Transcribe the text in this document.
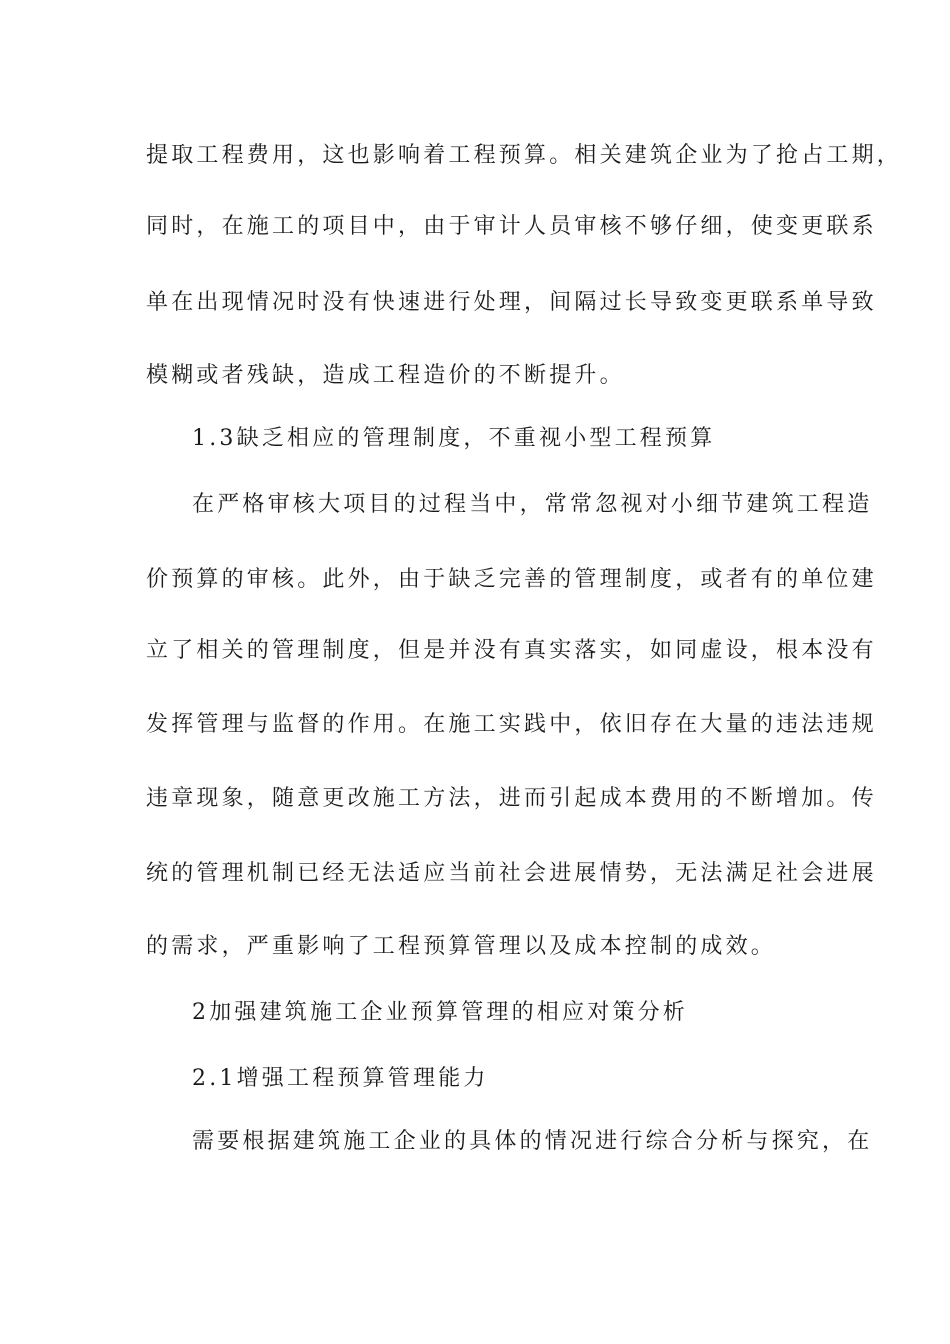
提取工程费用，这也影响着工程预算。相关建筑企业为了抢占工期，
同时，在施工的项目中，由于审计人员审核不够仔细，使变更联系
单在出现情况时没有快速进行处理，间隔过长导致变更联系单导致
模糊或者残缺，造成工程造价的不断提升。
1.3缺乏相应的管理制度，不重视小型工程预算
在严格审核大项目的过程当中，常常忽视对小细节建筑工程造
价预算的审核。此外，由于缺乏完善的管理制度，或者有的单位建
立了相关的管理制度，但是并没有真实落实，如同虚设，根本没有
发挥管理与监督的作用。在施工实践中，依旧存在大量的违法违规
违章现象，随意更改施工方法，进而引起成本费用的不断增加。传
统的管理机制已经无法适应当前社会进展情势，无法满足社会进展
的需求，严重影响了工程预算管理以及成本控制的成效。
2加强建筑施工企业预算管理的相应对策分析
2.1增强工程预算管理能力
需要根据建筑施工企业的具体的情况进行综合分析与探究，在
